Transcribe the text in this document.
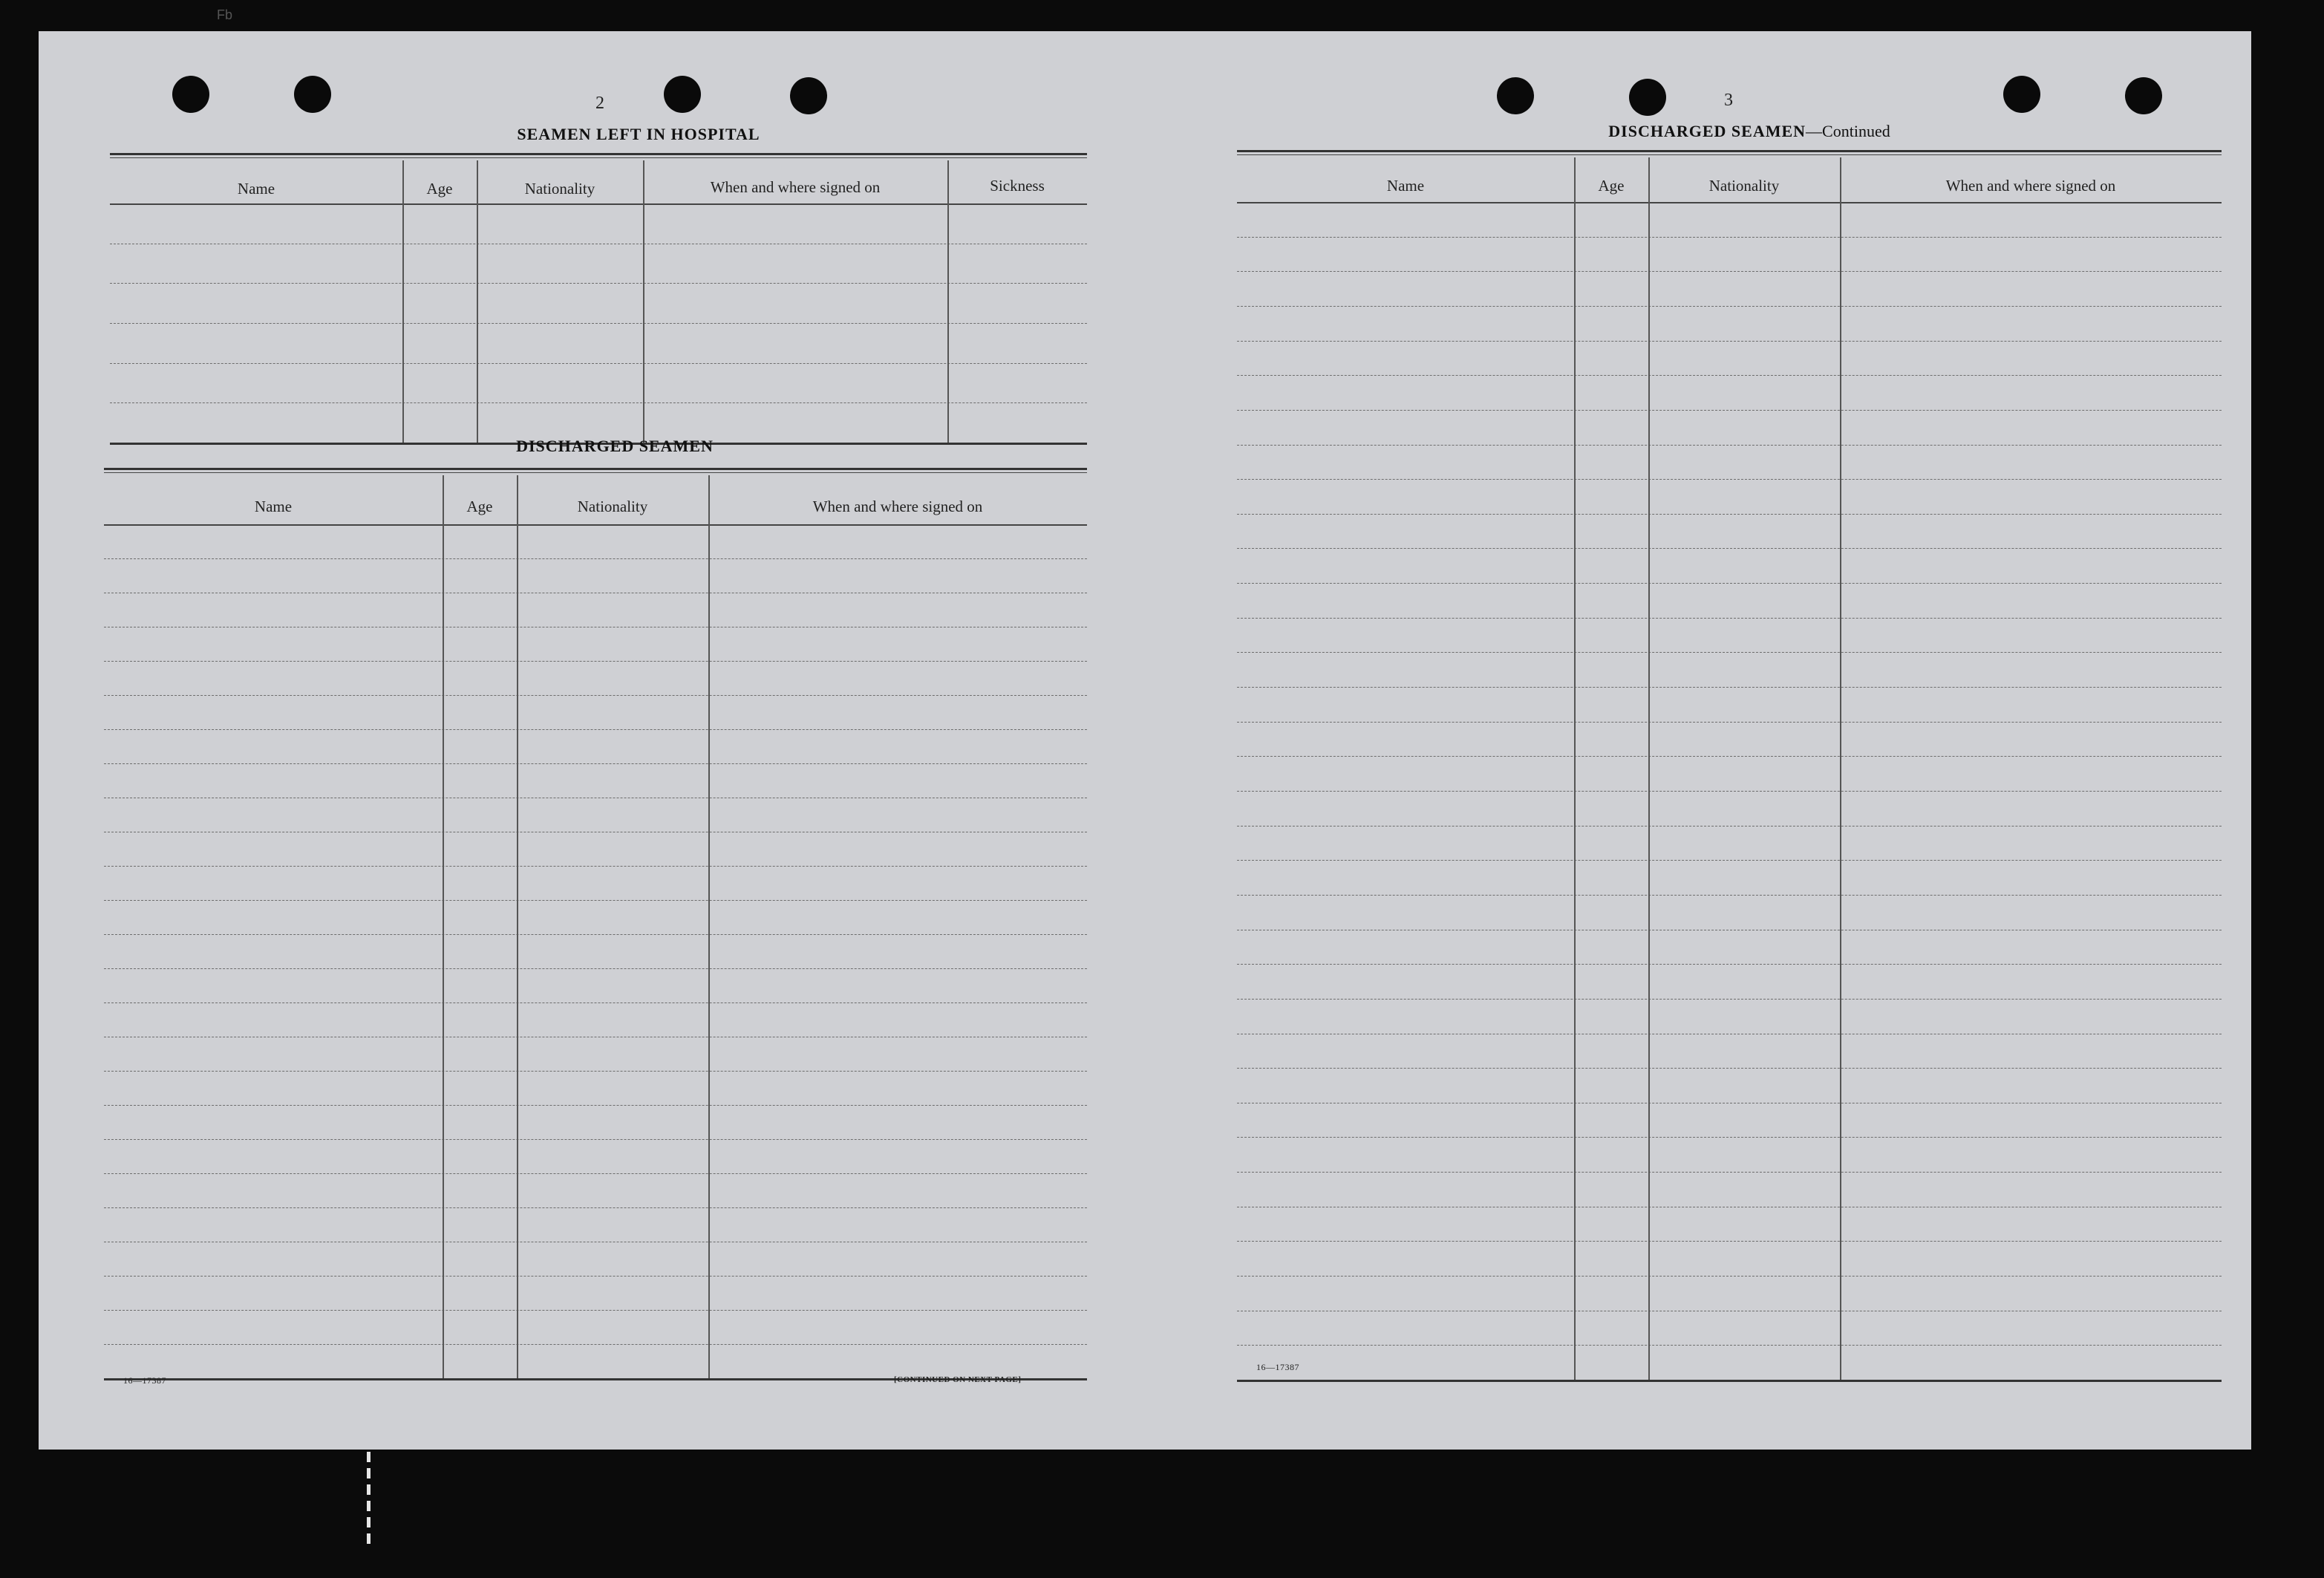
2
SEAMEN LEFT IN HOSPITAL
Name	Age	Nationality	When and where signed on	Sickness
DISCHARGED SEAMEN
Name	Age	Nationality	When and where signed on
16—17387	[CONTINUED ON NEXT PAGE]
3
DISCHARGED SEAMEN—Continued
Name	Age	Nationality	When and where signed on
16—17387
Fb
